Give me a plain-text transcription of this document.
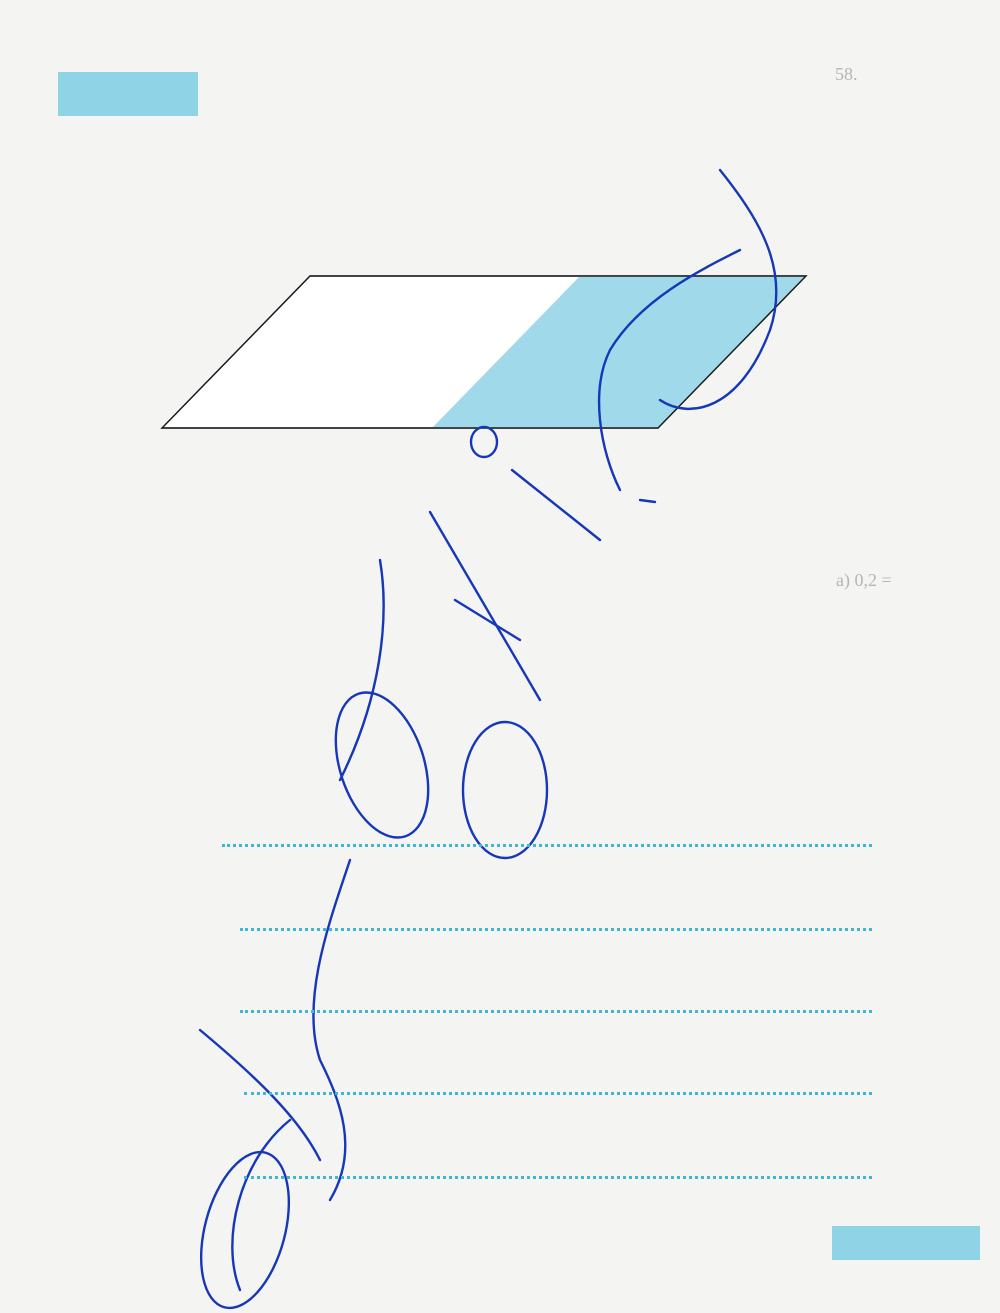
58.
а) 0,2 =
